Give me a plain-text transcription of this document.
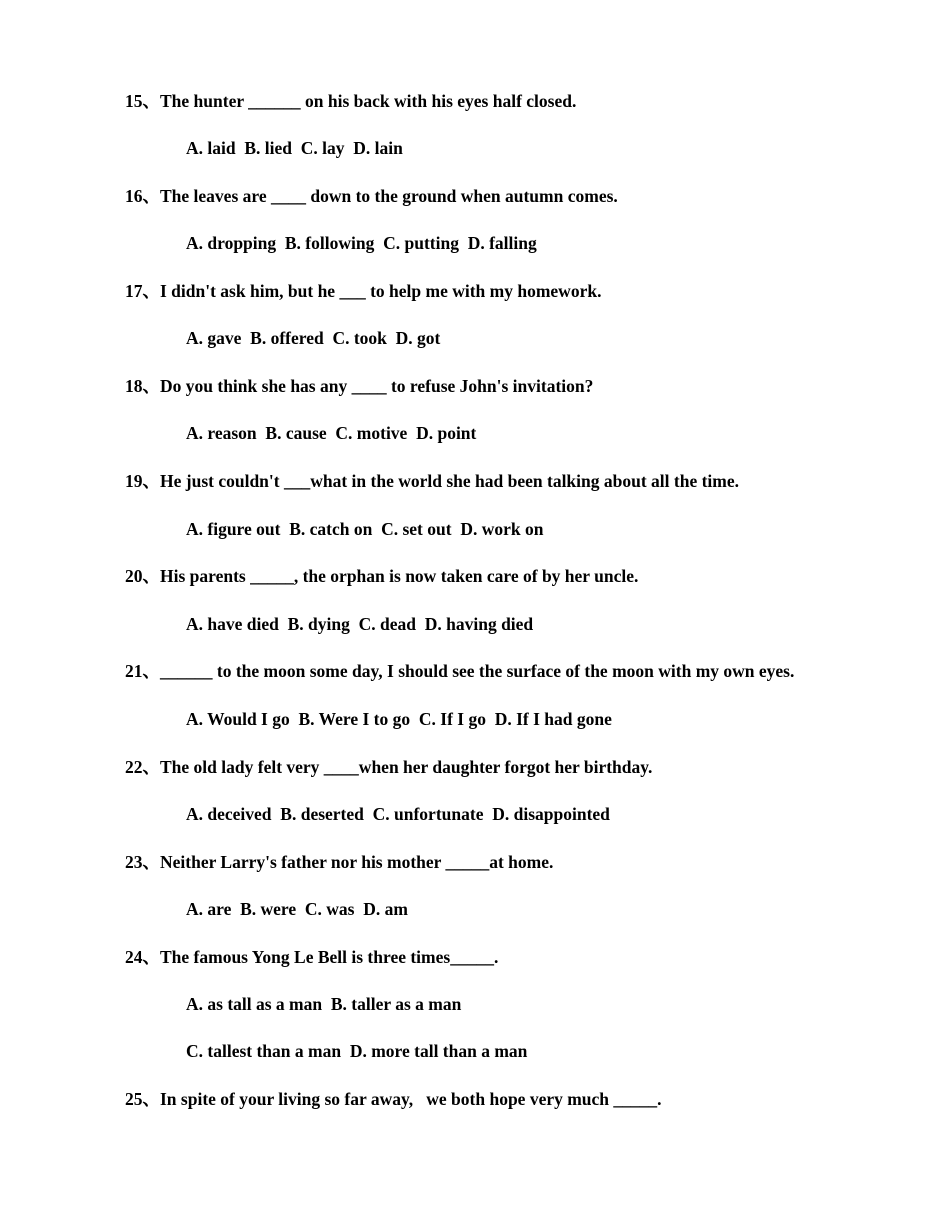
15、The hunter ______ on his back with his eyes half closed.
A. laid  B. lied  C. lay  D. lain
16、The leaves are ____ down to the ground when autumn comes.
A. dropping  B. following  C. putting  D. falling
17、I didn't ask him, but he ___ to help me with my homework.
A. gave  B. offered  C. took  D. got
18、Do you think she has any ____ to refuse John's invitation?
A. reason  B. cause  C. motive  D. point
19、He just couldn't ___what in the world she had been talking about all the time.
A. figure out  B. catch on  C. set out  D. work on
20、His parents _____, the orphan is now taken care of by her uncle.
A. have died  B. dying  C. dead  D. having died
21、______ to the moon some day, I should see the surface of the moon with my own eyes.
A. Would I go  B. Were I to go  C. If I go  D. If I had gone
22、The old lady felt very ____when her daughter forgot her birthday.
A. deceived  B. deserted  C. unfortunate  D. disappointed
23、Neither Larry's father nor his mother _____at home.
A. are  B. were  C. was  D. am
24、The famous Yong Le Bell is three times_____.
A. as tall as a man  B. taller as a man
C. tallest than a man  D. more tall than a man
25、In spite of your living so far away,   we both hope very much _____.
